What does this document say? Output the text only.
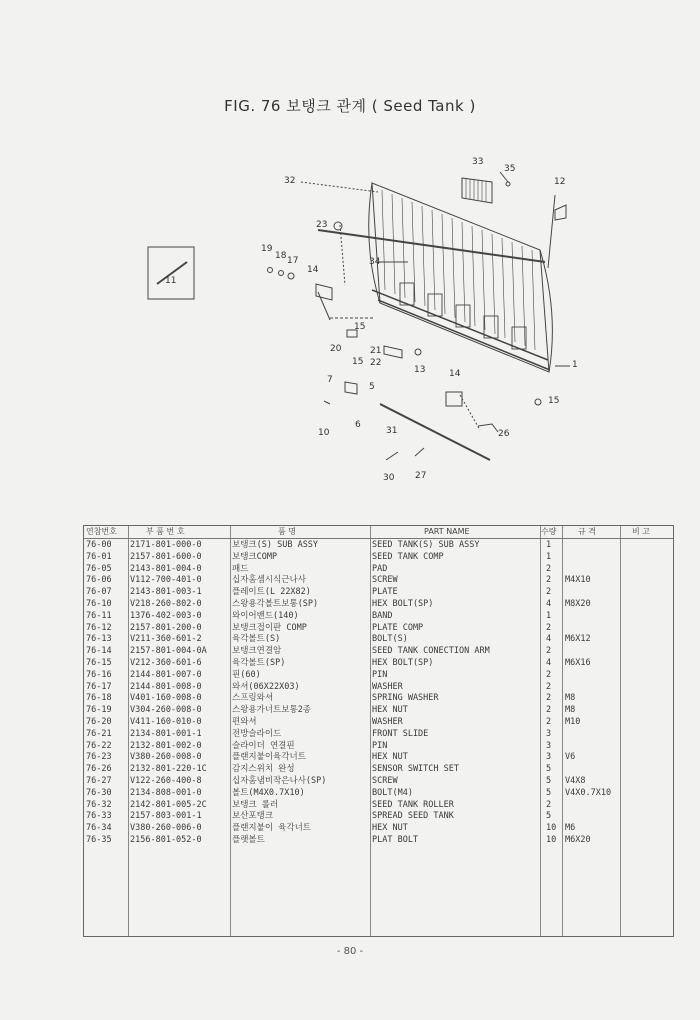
FIG. 76 보탱크 관계 ( Seed Tank )
32
33
35
12
23
34
19
18 17
14
11
15
20
15
21
22
13	1
14
15
7
5
6
10	31	26
30 27
연참번호	부 품 번 호	품 명	PART NAME	수량	규 격	비 고
76-00	2171-801-000-0	보탱크(S) SUB ASSY	SEED TANK(S) SUB ASSY	1
76-01	2157-801-600-0	보탱크COMP	SEED TANK COMP	1
76-05	2143-801-004-0	패드	PAD	2
76-06	V112-700-401-0	십자홈셈시식근나사	SCREW	2	M4X10
76-07	2143-801-003-1	플레이트(L 22X82)	PLATE	2
76-10	V218-260-802-0	스왕용각볼트보통(SP)	HEX BOLT(SP)	4	M8X20
76-11	1376-402-003-0	와이어밴드(140)	BAND	1
76-12	2157-801-200-0	보탱크접이판 COMP	PLATE COMP	2
76-13	V211-360-601-2	육각볼트(S)	BOLT(S)	4	M6X12
76-14	2157-801-004-0A	보탱크연결암	SEED TANK CONECTION ARM	2
76-15	V212-360-601-6	육각볼트(SP)	HEX BOLT(SP)	4	M6X16
76-16	2144-801-007-0	핀(60)	PIN	2
76-17	2144-801-008-0	와셔(06X22X03)	WASHER	2
76-18	V401-160-008-0	스프링와셔	SPRING WASHER	2	M8
76-19	V304-260-008-0	스왕용가너트보통2종	HEX NUT	2	M8
76-20	V411-160-010-0	편와셔	WASHER	2	M10
76-21	2134-801-001-1	전방슬라이드	FRONT SLIDE	3
76-22	2132-801-002-0	슬라이더 연결핀	PIN	3
76-23	V380-260-008-0	플랜지붙이육각너트	HEX NUT	3	V6
76-26	2132-801-220-1C	감지스위치 완성	SENSOR SWITCH SET	5
76-27	V122-260-400-8	십자홈냄비작은나사(SP)	SCREW	5	V4X8
76-30	2134-808-001-0	볼트(M4X0.7X10)	BOLT(M4)	5	V4X0.7X10
76-32	2142-801-005-2C	보탱크 롤러	SEED TANK ROLLER	2
76-33	2157-803-001-1	보산포탱크	SPREAD SEED TANK	5
76-34	V380-260-006-0	플랜지붙이 육각너트	HEX NUT	10	M6
76-35	2156-801-052-0	플랫볼트	PLAT BOLT	10	M6X20
- 80 -
